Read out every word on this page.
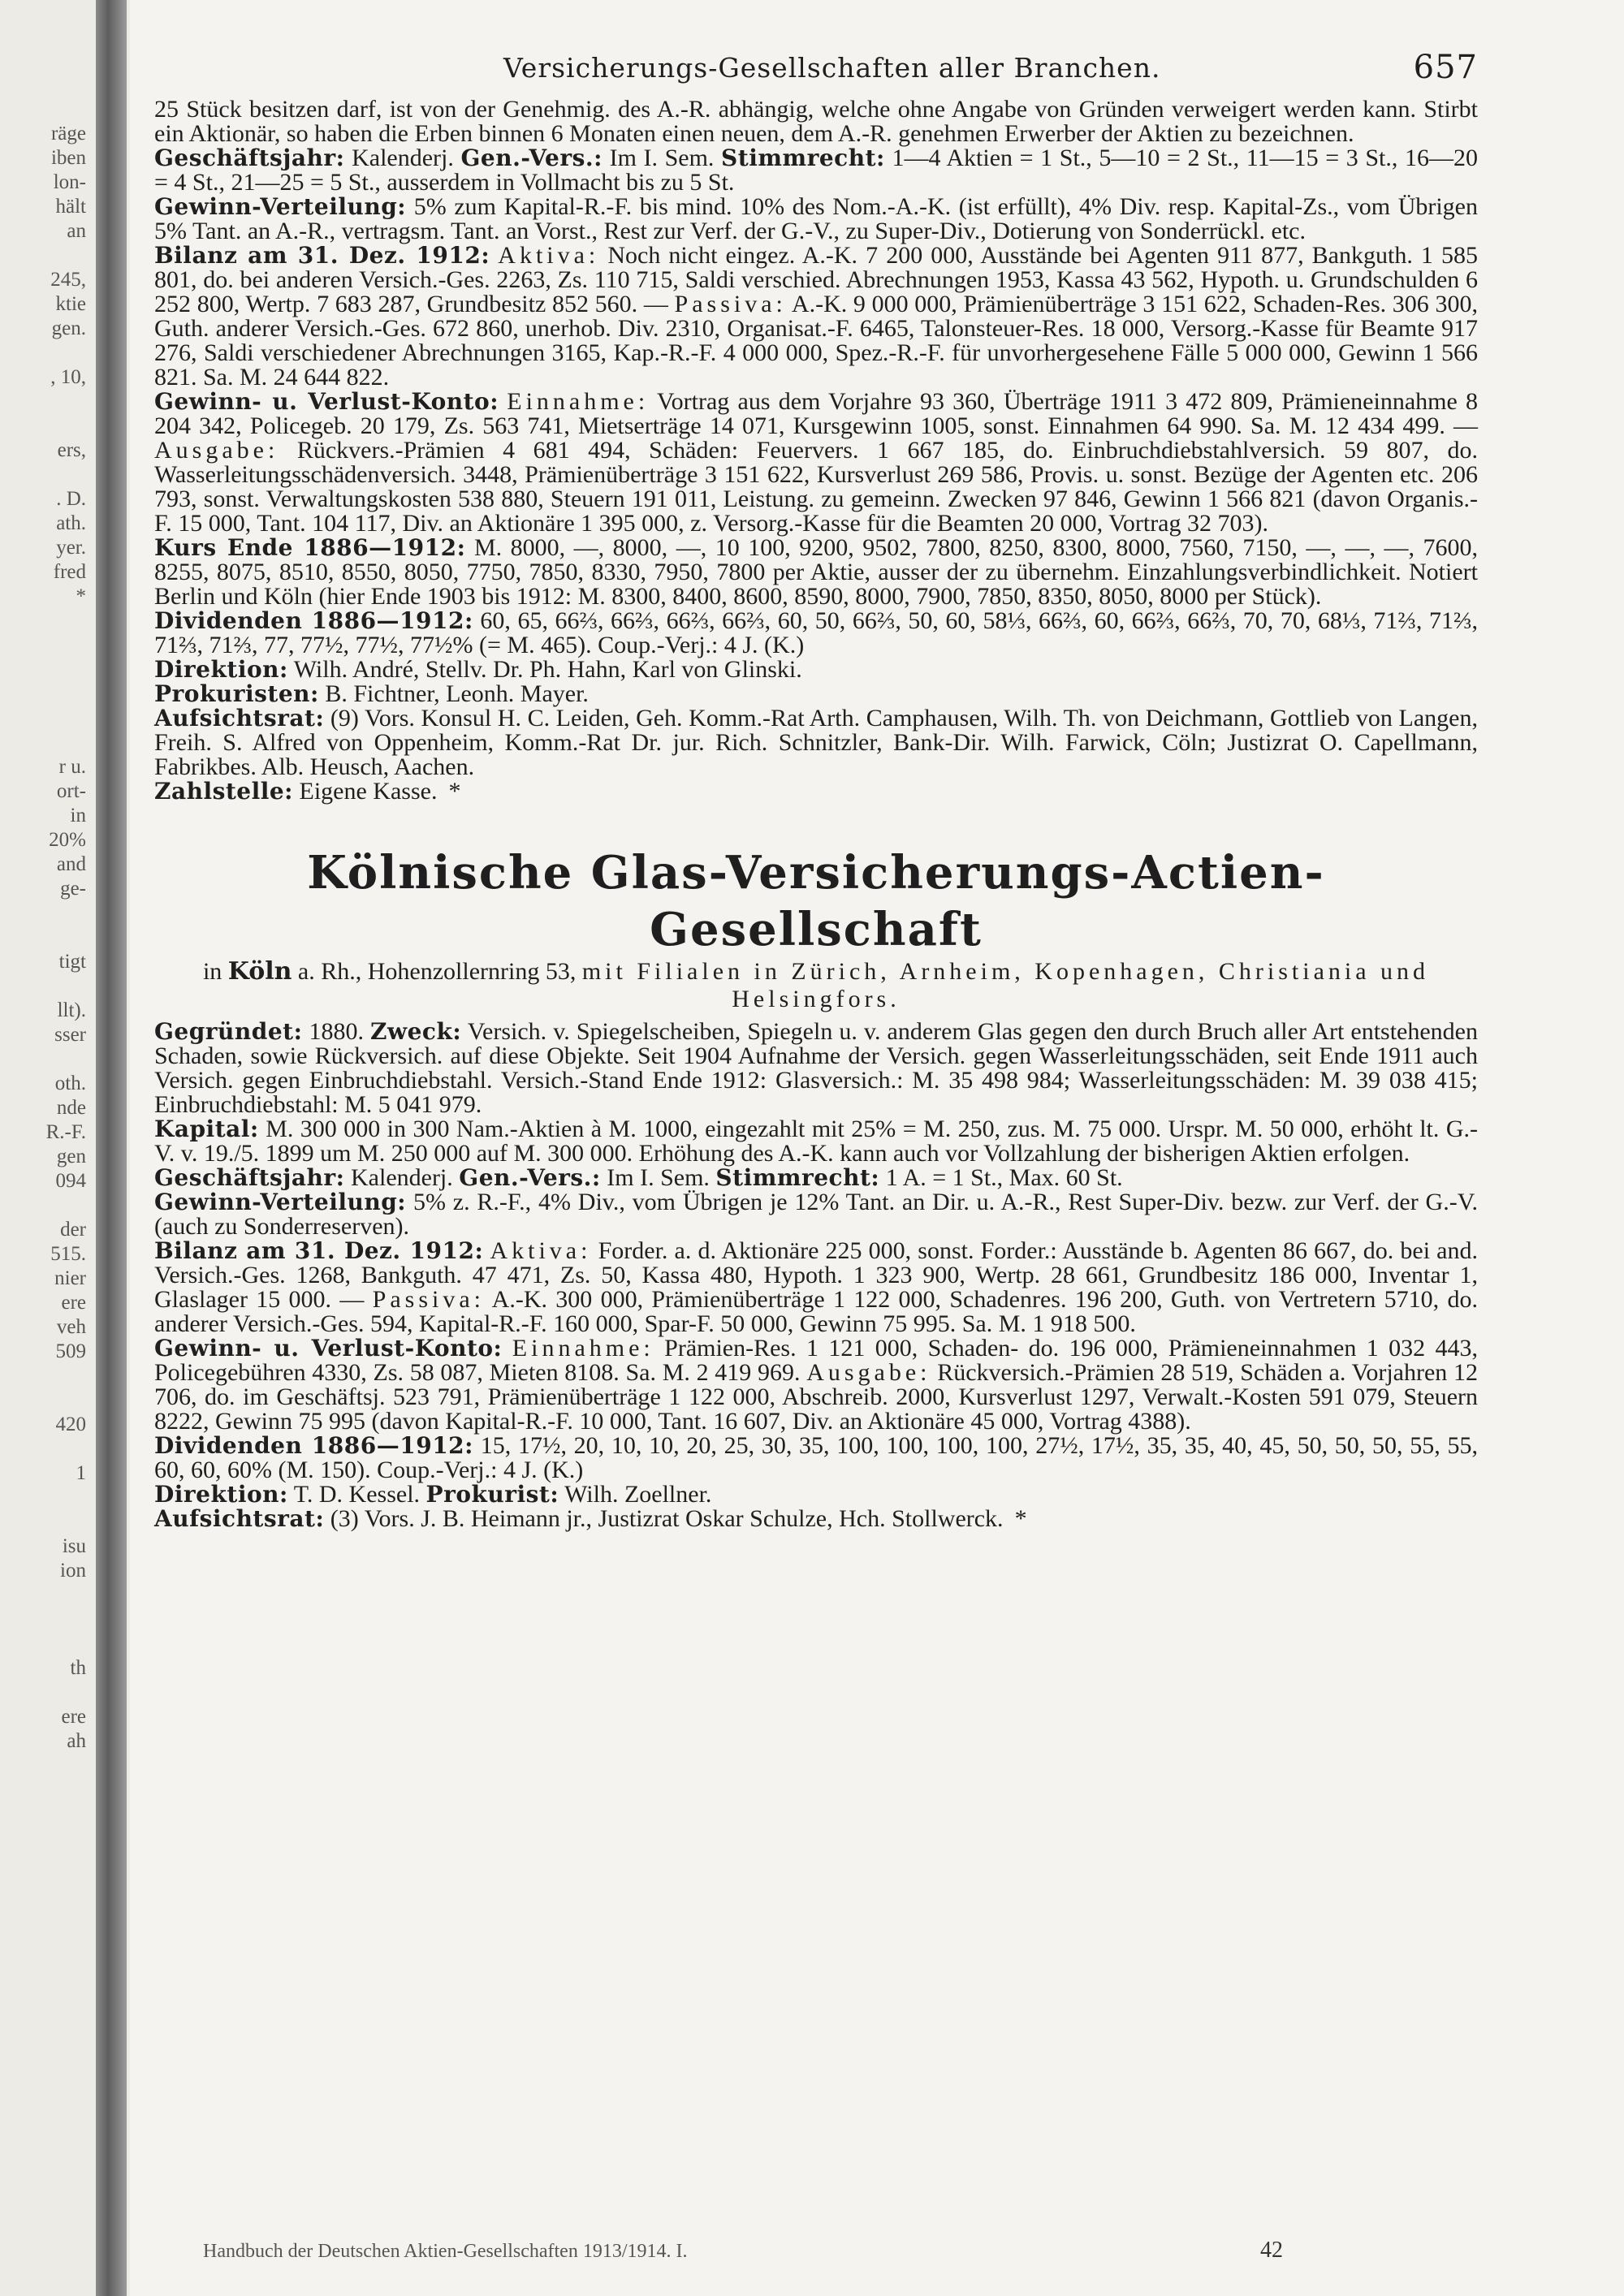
räge
iben
lon-
hält
an
245,
ktie
gen.
, 10,
ers,
. D.
ath.
yer.
fred
*
r u.
ort-
in
20%
and
ge-
tigt
llt).
sser
oth.
nde
R.-F.
gen
094
der
515.
nier
ere
veh
509
420
1
isu
ion
th
ere
ah
Versicherungs-Gesellschaften aller Branchen.	657

25 Stück besitzen darf, ist von der Genehmig. des A.-R. abhängig, welche ohne Angabe von Gründen verweigert werden kann. Stirbt ein Aktionär, so haben die Erben binnen 6 Monaten einen neuen, dem A.-R. genehmen Erwerber der Aktien zu bezeichnen.

Geschäftsjahr: Kalenderj. Gen.-Vers.: Im I. Sem. Stimmrecht: 1—4 Aktien = 1 St., 5—10 = 2 St., 11—15 = 3 St., 16—20 = 4 St., 21—25 = 5 St., ausserdem in Vollmacht bis zu 5 St.

Gewinn-Verteilung: 5% zum Kapital-R.-F. bis mind. 10% des Nom.-A.-K. (ist erfüllt), 4% Div. resp. Kapital-Zs., vom Übrigen 5% Tant. an A.-R., vertragsm. Tant. an Vorst., Rest zur Verf. der G.-V., zu Super-Div., Dotierung von Sonderrückl. etc.

Bilanz am 31. Dez. 1912: Aktiva: Noch nicht eingez. A.-K. 7 200 000, Ausstände bei Agenten 911 877, Bankguth. 1 585 801, do. bei anderen Versich.-Ges. 2263, Zs. 110 715, Saldi verschied. Abrechnungen 1953, Kassa 43 562, Hypoth. u. Grundschulden 6 252 800, Wertp. 7 683 287, Grundbesitz 852 560. — Passiva: A.-K. 9 000 000, Prämienüberträge 3 151 622, Schaden-Res. 306 300, Guth. anderer Versich.-Ges. 672 860, unerhob. Div. 2310, Organisat.-F. 6465, Talonsteuer-Res. 18 000, Versorg.-Kasse für Beamte 917 276, Saldi verschiedener Abrechnungen 3165, Kap.-R.-F. 4 000 000, Spez.-R.-F. für unvorhergesehene Fälle 5 000 000, Gewinn 1 566 821. Sa. M. 24 644 822.

Gewinn- u. Verlust-Konto: Einnahme: Vortrag aus dem Vorjahre 93 360, Überträge 1911 3 472 809, Prämieneinnahme 8 204 342, Policegeb. 20 179, Zs. 563 741, Mietserträge 14 071, Kursgewinn 1005, sonst. Einnahmen 64 990. Sa. M. 12 434 499. — Ausgabe: Rückvers.-Prämien 4 681 494, Schäden: Feuervers. 1 667 185, do. Einbruchdiebstahlversich. 59 807, do. Wasserleitungsschädenversich. 3448, Prämienüberträge 3 151 622, Kursverlust 269 586, Provis. u. sonst. Bezüge der Agenten etc. 206 793, sonst. Verwaltungskosten 538 880, Steuern 191 011, Leistung. zu gemeinn. Zwecken 97 846, Gewinn 1 566 821 (davon Organis.-F. 15 000, Tant. 104 117, Div. an Aktionäre 1 395 000, z. Versorg.-Kasse für die Beamten 20 000, Vortrag 32 703).

Kurs Ende 1886—1912: M. 8000, —, 8000, —, 10 100, 9200, 9502, 7800, 8250, 8300, 8000, 7560, 7150, —, —, —, 7600, 8255, 8075, 8510, 8550, 8050, 7750, 7850, 8330, 7950, 7800 per Aktie, ausser der zu übernehm. Einzahlungsverbindlichkeit. Notiert Berlin und Köln (hier Ende 1903 bis 1912: M. 8300, 8400, 8600, 8590, 8000, 7900, 7850, 8350, 8050, 8000 per Stück).

Dividenden 1886—1912: 60, 65, 66⅔, 66⅔, 66⅔, 66⅔, 60, 50, 66⅔, 50, 60, 58⅓, 66⅔, 60, 66⅔, 66⅔, 70, 70, 68⅓, 71⅔, 71⅔, 71⅔, 71⅔, 77, 77½, 77½, 77½% (= M. 465). Coup.-Verj.: 4 J. (K.)

Direktion: Wilh. André, Stellv. Dr. Ph. Hahn, Karl von Glinski.

Prokuristen: B. Fichtner, Leonh. Mayer.

Aufsichtsrat: (9) Vors. Konsul H. C. Leiden, Geh. Komm.-Rat Arth. Camphausen, Wilh. Th. von Deichmann, Gottlieb von Langen, Freih. S. Alfred von Oppenheim, Komm.-Rat Dr. jur. Rich. Schnitzler, Bank-Dir. Wilh. Farwick, Cöln; Justizrat O. Capellmann, Fabrikbes. Alb. Heusch, Aachen.

Zahlstelle: Eigene Kasse. *

Kölnische Glas-Versicherungs-Actien-Gesellschaft
in Köln a. Rh., Hohenzollernring 53, mit Filialen in Zürich, Arnheim, Kopenhagen, Christiania und Helsingfors.

Gegründet: 1880. Zweck: Versich. v. Spiegelscheiben, Spiegeln u. v. anderem Glas gegen den durch Bruch aller Art entstehenden Schaden, sowie Rückversich. auf diese Objekte. Seit 1904 Aufnahme der Versich. gegen Wasserleitungsschäden, seit Ende 1911 auch Versich. gegen Einbruchdiebstahl. Versich.-Stand Ende 1912: Glasversich.: M. 35 498 984; Wasserleitungsschäden: M. 39 038 415; Einbruchdiebstahl: M. 5 041 979.

Kapital: M. 300 000 in 300 Nam.-Aktien à M. 1000, eingezahlt mit 25% = M. 250, zus. M. 75 000. Urspr. M. 50 000, erhöht lt. G.-V. v. 19./5. 1899 um M. 250 000 auf M. 300 000. Erhöhung des A.-K. kann auch vor Vollzahlung der bisherigen Aktien erfolgen.

Geschäftsjahr: Kalenderj. Gen.-Vers.: Im I. Sem. Stimmrecht: 1 A. = 1 St., Max. 60 St.

Gewinn-Verteilung: 5% z. R.-F., 4% Div., vom Übrigen je 12% Tant. an Dir. u. A.-R., Rest Super-Div. bezw. zur Verf. der G.-V. (auch zu Sonderreserven).

Bilanz am 31. Dez. 1912: Aktiva: Forder. a. d. Aktionäre 225 000, sonst. Forder.: Ausstände b. Agenten 86 667, do. bei and. Versich.-Ges. 1268, Bankguth. 47 471, Zs. 50, Kassa 480, Hypoth. 1 323 900, Wertp. 28 661, Grundbesitz 186 000, Inventar 1, Glaslager 15 000. — Passiva: A.-K. 300 000, Prämienüberträge 1 122 000, Schadenres. 196 200, Guth. von Vertretern 5710, do. anderer Versich.-Ges. 594, Kapital-R.-F. 160 000, Spar-F. 50 000, Gewinn 75 995. Sa. M. 1 918 500.

Gewinn- u. Verlust-Konto: Einnahme: Prämien-Res. 1 121 000, Schaden- do. 196 000, Prämieneinnahmen 1 032 443, Policegebühren 4330, Zs. 58 087, Mieten 8108. Sa. M. 2 419 969. Ausgabe: Rückversich.-Prämien 28 519, Schäden a. Vorjahren 12 706, do. im Geschäftsj. 523 791, Prämienüberträge 1 122 000, Abschreib. 2000, Kursverlust 1297, Verwalt.-Kosten 591 079, Steuern 8222, Gewinn 75 995 (davon Kapital-R.-F. 10 000, Tant. 16 607, Div. an Aktionäre 45 000, Vortrag 4388).

Dividenden 1886—1912: 15, 17½, 20, 10, 10, 20, 25, 30, 35, 100, 100, 100, 100, 27½, 17½, 35, 35, 40, 45, 50, 50, 50, 55, 55, 60, 60, 60% (M. 150). Coup.-Verj.: 4 J. (K.)

Direktion: T. D. Kessel. Prokurist: Wilh. Zoellner.

Aufsichtsrat: (3) Vors. J. B. Heimann jr., Justizrat Oskar Schulze, Hch. Stollwerck. *

Handbuch der Deutschen Aktien-Gesellschaften 1913/1914. I.	42
